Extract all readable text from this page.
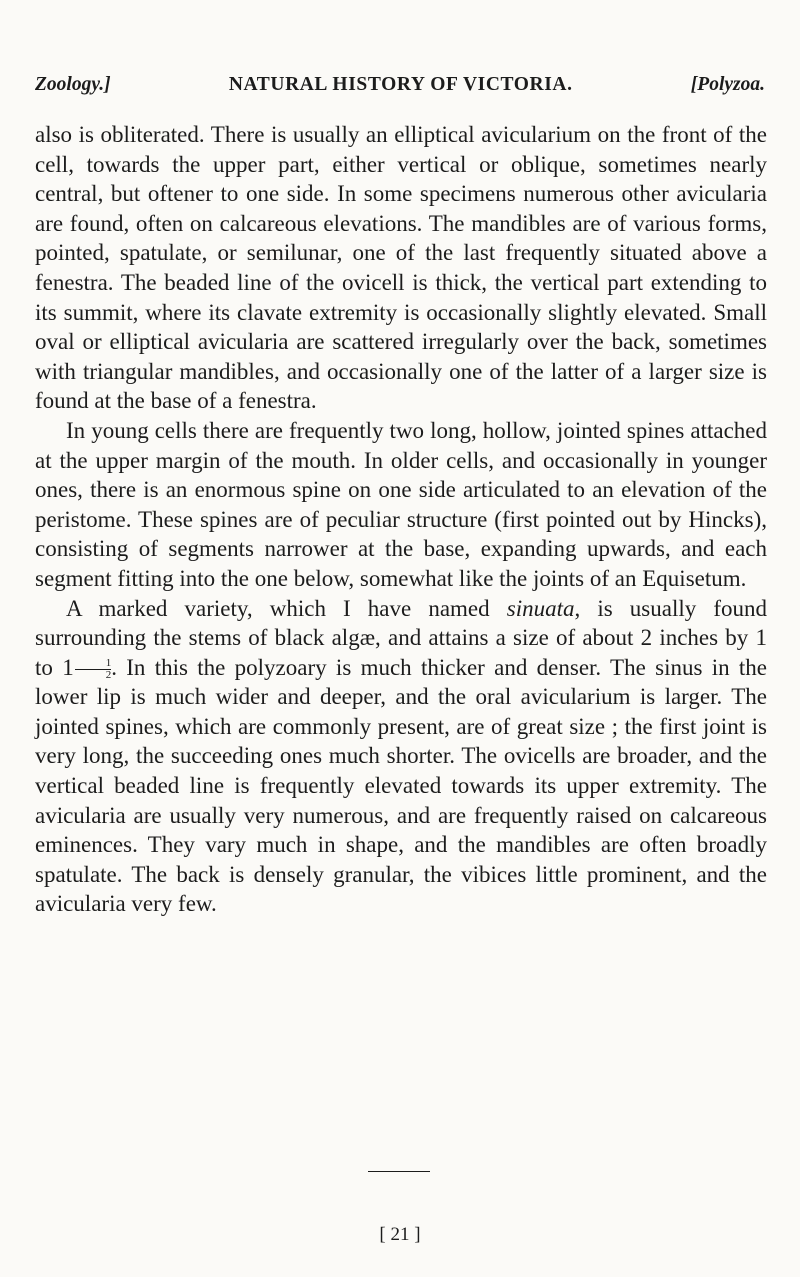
Zoology.]	NATURAL HISTORY OF VICTORIA.	[Polyzoa.

also is obliterated. There is usually an elliptical avicularium on the front of the cell, towards the upper part, either vertical or oblique, sometimes nearly central, but oftener to one side. In some specimens numerous other avicularia are found, often on calcareous elevations. The mandibles are of various forms, pointed, spatulate, or semilunar, one of the last frequently situated above a fenestra. The beaded line of the ovicell is thick, the vertical part extending to its summit, where its clavate extremity is occasionally slightly elevated. Small oval or elliptical avicularia are scattered irregularly over the back, sometimes with triangular mandibles, and occasionally one of the latter of a larger size is found at the base of a fenestra.

In young cells there are frequently two long, hollow, jointed spines attached at the upper margin of the mouth. In older cells, and occasionally in younger ones, there is an enormous spine on one side articulated to an elevation of the peristome. These spines are of peculiar structure (first pointed out by Hincks), consisting of segments narrower at the base, expanding upwards, and each segment fitting into the one below, somewhat like the joints of an Equisetum.

A marked variety, which I have named sinuata, is usually found surrounding the stems of black algæ, and attains a size of about 2 inches by 1 to $1 \frac{1}{2}$ . In this the polyzoary is much thicker and denser. The sinus in the lower lip is much wider and deeper, and the oral avicularium is larger. The jointed spines, which are commonly present, are of great size ; the first joint is very long, the succeeding ones much shorter. The ovicells are broader, and the vertical beaded line is frequently elevated towards its upper extremity. The avicularia are usually very numerous, and are frequently raised on calcareous eminences. They vary much in shape, and the mandibles are often broadly spatulate. The back is densely granular, the vibices little prominent, and the avicularia very few.

[ 21 ]
